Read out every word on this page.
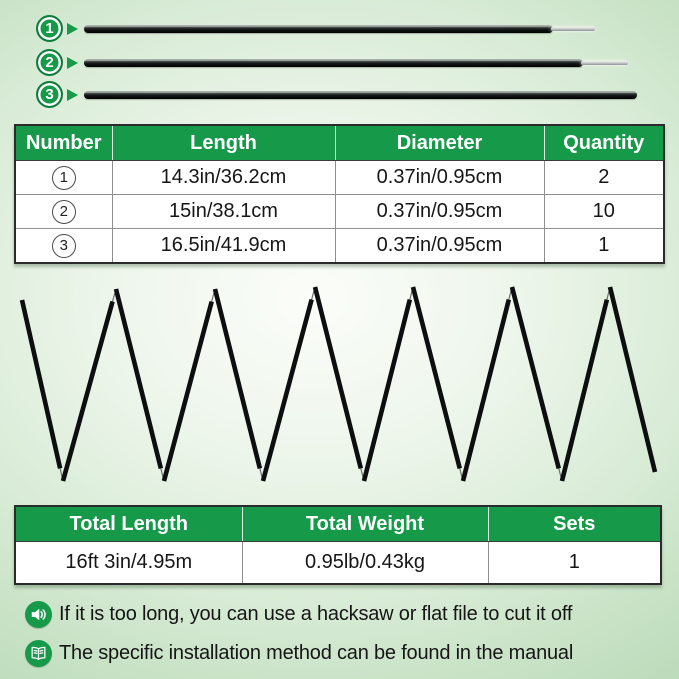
1
2
3
Number	Length	Diameter	Quantity
1	14.3in/36.2cm	0.37in/0.95cm	2
2	15in/38.1cm	0.37in/0.95cm	10
3	16.5in/41.9cm	0.37in/0.95cm	1
Total Length	Total Weight	Sets
16ft 3in/4.95m	0.95lb/0.43kg	1
If it is too long, you can use a hacksaw or flat file to cut it off
The specific installation method can be found in the manual
